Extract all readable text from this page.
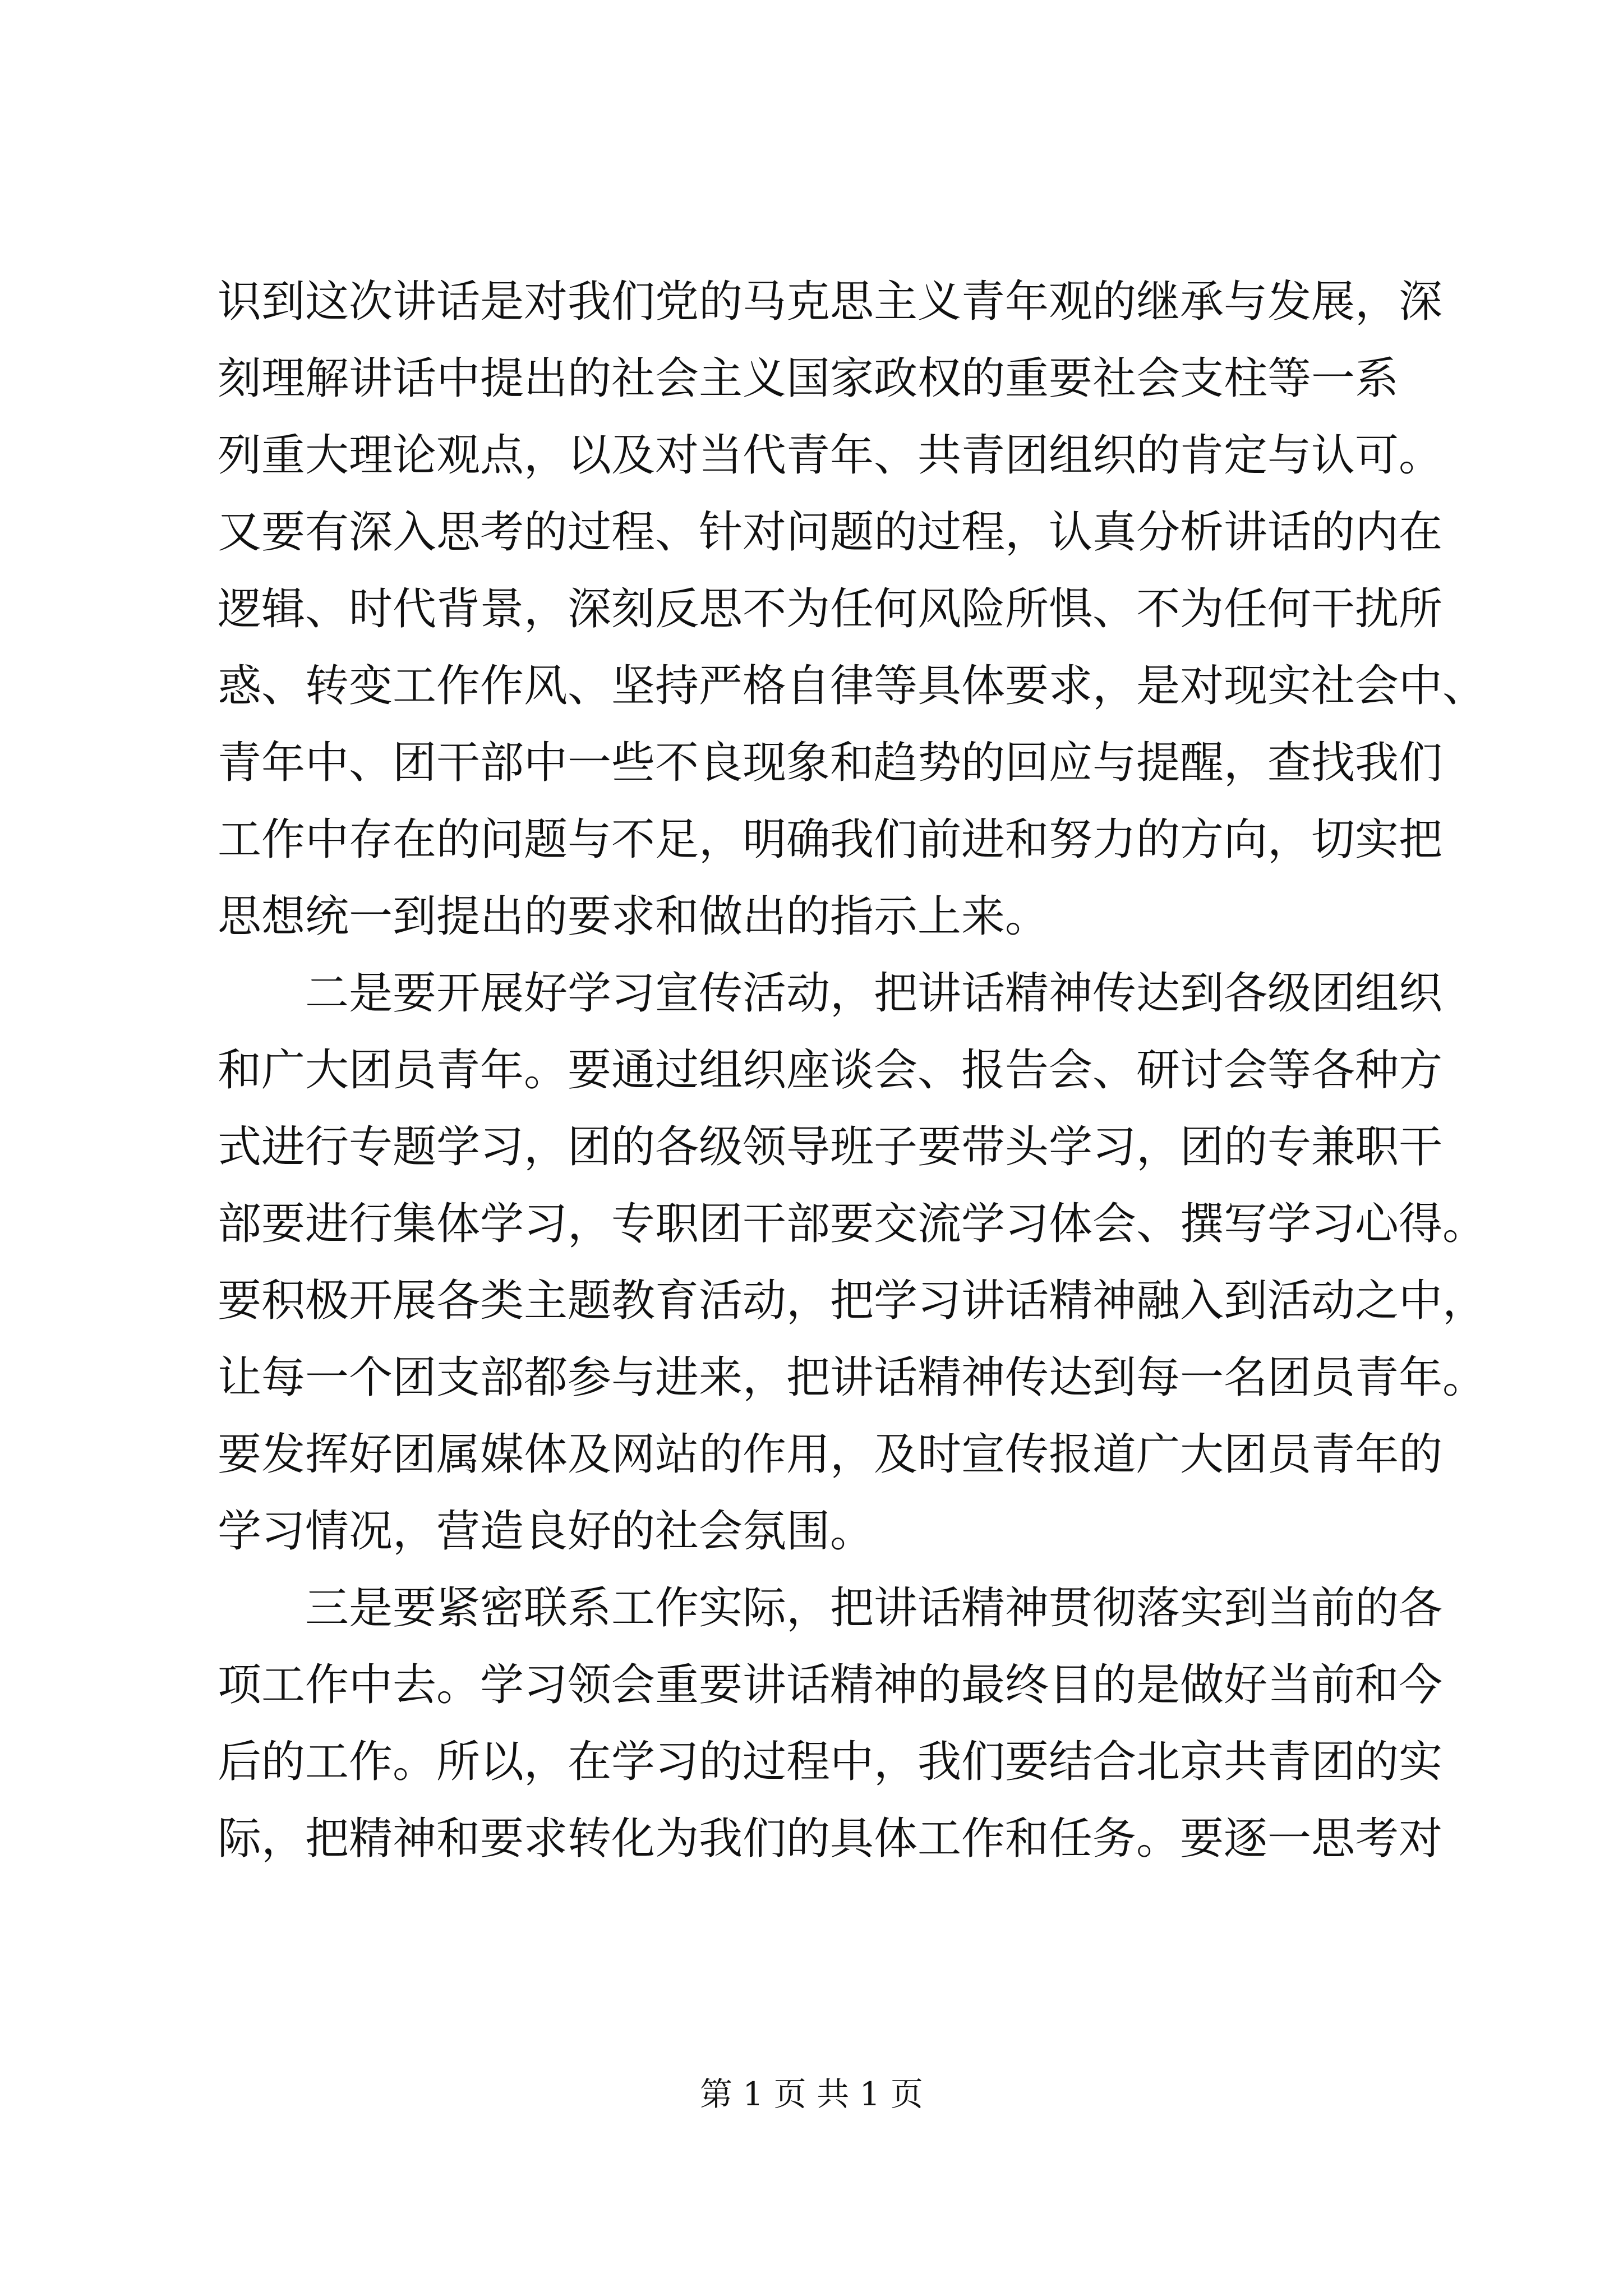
识到这次讲话是对我们党的马克思主义青年观的继承与发展，深
刻理解讲话中提出的社会主义国家政权的重要社会支柱等一系
列重大理论观点，以及对当代青年、共青团组织的肯定与认可。
又要有深入思考的过程、针对问题的过程，认真分析讲话的内在
逻辑、时代背景，深刻反思不为任何风险所惧、不为任何干扰所
惑、转变工作作风、坚持严格自律等具体要求，是对现实社会中、
青年中、团干部中一些不良现象和趋势的回应与提醒，查找我们
工作中存在的问题与不足，明确我们前进和努力的方向，切实把
思想统一到提出的要求和做出的指示上来。
二是要开展好学习宣传活动，把讲话精神传达到各级团组织
和广大团员青年。要通过组织座谈会、报告会、研讨会等各种方
式进行专题学习，团的各级领导班子要带头学习，团的专兼职干
部要进行集体学习，专职团干部要交流学习体会、撰写学习心得。
要积极开展各类主题教育活动，把学习讲话精神融入到活动之中，
让每一个团支部都参与进来，把讲话精神传达到每一名团员青年。
要发挥好团属媒体及网站的作用，及时宣传报道广大团员青年的
学习情况，营造良好的社会氛围。
三是要紧密联系工作实际，把讲话精神贯彻落实到当前的各
项工作中去。学习领会重要讲话精神的最终目的是做好当前和今
后的工作。所以，在学习的过程中，我们要结合北京共青团的实
际，把精神和要求转化为我们的具体工作和任务。要逐一思考对
第 1 页 共 1 页
